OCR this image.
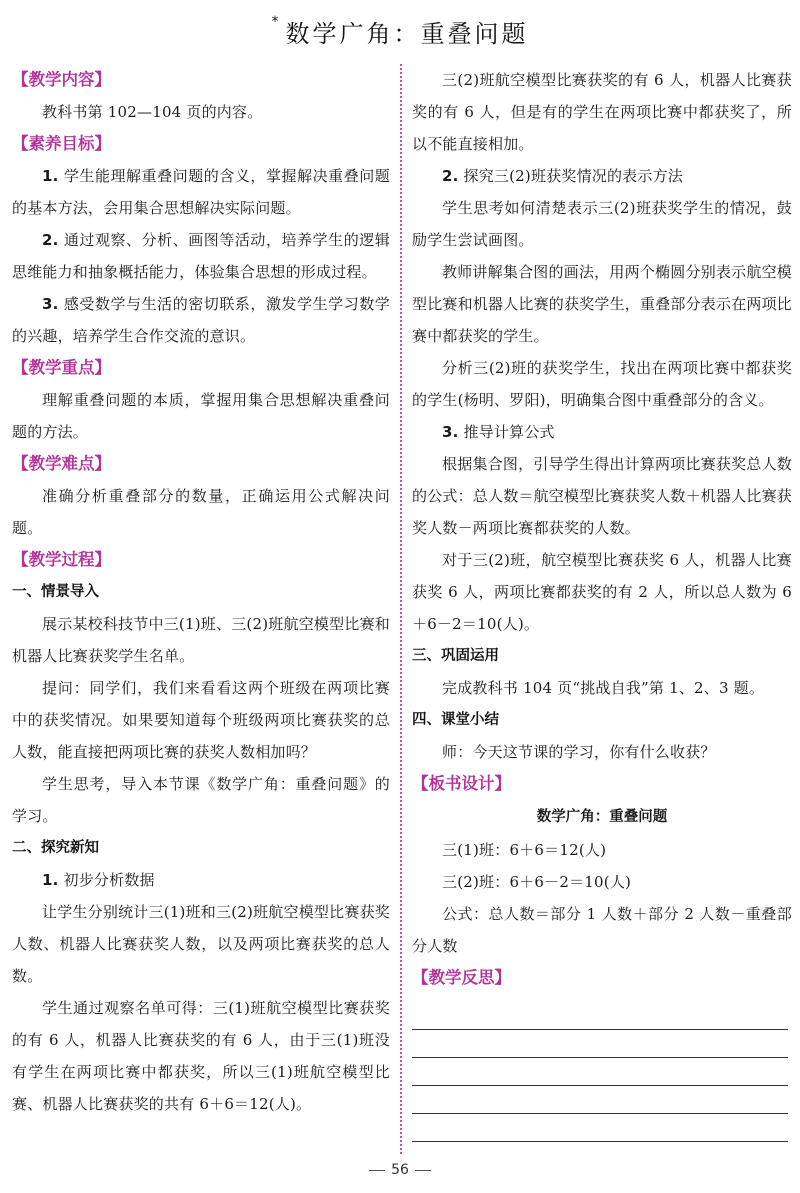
* 数学广角：重叠问题
【教学内容】
教科书第 102—104 页的内容。
【素养目标】
1. 学生能理解重叠问题的含义，掌握解决重叠问题的基本方法，会用集合思想解决实际问题。
2. 通过观察、分析、画图等活动，培养学生的逻辑思维能力和抽象概括能力，体验集合思想的形成过程。
3. 感受数学与生活的密切联系，激发学生学习数学的兴趣，培养学生合作交流的意识。
【教学重点】
理解重叠问题的本质，掌握用集合思想解决重叠问题的方法。
【教学难点】
准确分析重叠部分的数量，正确运用公式解决问题。
【教学过程】
一、情景导入
展示某校科技节中三(1)班、三(2)班航空模型比赛和机器人比赛获奖学生名单。
提问：同学们，我们来看看这两个班级在两项比赛中的获奖情况。如果要知道每个班级两项比赛获奖的总人数，能直接把两项比赛的获奖人数相加吗？
学生思考，导入本节课《数学广角：重叠问题》的学习。
二、探究新知
1. 初步分析数据
让学生分别统计三(1)班和三(2)班航空模型比赛获奖人数、机器人比赛获奖人数，以及两项比赛获奖的总人数。
学生通过观察名单可得：三(1)班航空模型比赛获奖的有 6 人，机器人比赛获奖的有 6 人，由于三(1)班没有学生在两项比赛中都获奖，所以三(1)班航空模型比赛、机器人比赛获奖的共有 6＋6＝12(人)。
三(2)班航空模型比赛获奖的有 6 人，机器人比赛获奖的有 6 人，但是有的学生在两项比赛中都获奖了，所以不能直接相加。
2. 探究三(2)班获奖情况的表示方法
学生思考如何清楚表示三(2)班获奖学生的情况，鼓励学生尝试画图。
教师讲解集合图的画法，用两个椭圆分别表示航空模型比赛和机器人比赛的获奖学生，重叠部分表示在两项比赛中都获奖的学生。
分析三(2)班的获奖学生，找出在两项比赛中都获奖的学生(杨明、罗阳)，明确集合图中重叠部分的含义。
3. 推导计算公式
根据集合图，引导学生得出计算两项比赛获奖总人数的公式：总人数＝航空模型比赛获奖人数＋机器人比赛获奖人数－两项比赛都获奖的人数。
对于三(2)班，航空模型比赛获奖 6 人，机器人比赛获奖 6 人，两项比赛都获奖的有 2 人，所以总人数为 6＋6－2＝10(人)。
三、巩固运用
完成教科书 104 页“挑战自我”第 1、2、3 题。
四、课堂小结
师：今天这节课的学习，你有什么收获？
【板书设计】
数学广角：重叠问题
三(1)班：6＋6＝12(人)
三(2)班：6＋6－2＝10(人)
公式：总人数＝部分 1 人数＋部分 2 人数－重叠部分人数
【教学反思】
56
